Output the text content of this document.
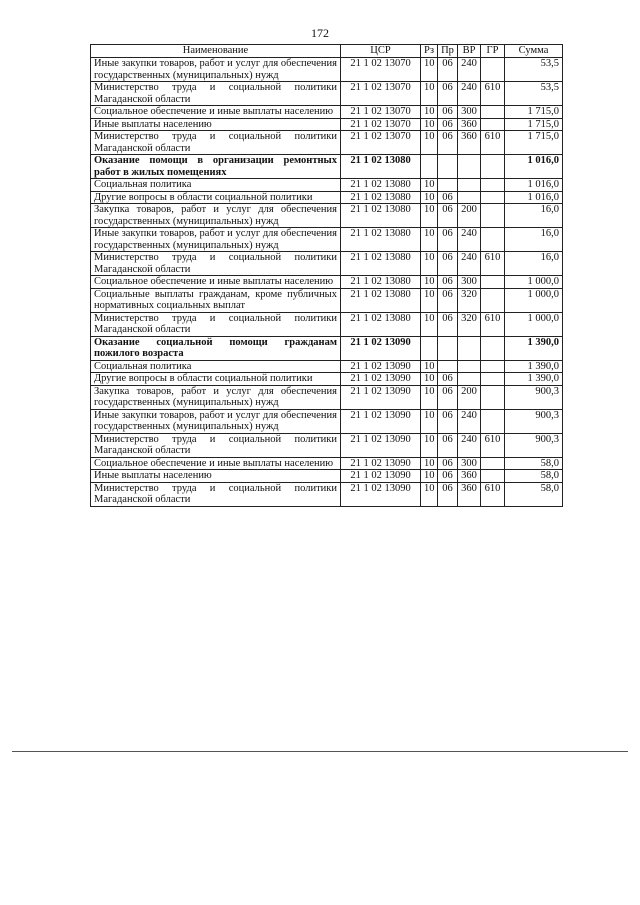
172
Наименование	ЦСР	Рз	Пр	ВР	ГР	Сумма
Иные закупки товаров, работ и услуг для обеспечения государственных (муниципальных) нужд	21 1 02 13070	10	06	240		53,5
Министерство труда и социальной политики Магаданской области	21 1 02 13070	10	06	240	610	53,5
Социальное обеспечение и иные выплаты населению	21 1 02 13070	10	06	300		1 715,0
Иные выплаты населению	21 1 02 13070	10	06	360		1 715,0
Министерство труда и социальной политики Магаданской области	21 1 02 13070	10	06	360	610	1 715,0
Оказание помощи в организации ремонтных работ в жилых помещениях	21 1 02 13080					1 016,0
Социальная политика	21 1 02 13080	10				1 016,0
Другие вопросы в области социальной политики	21 1 02 13080	10	06			1 016,0
Закупка товаров, работ и услуг для обеспечения государственных (муниципальных) нужд	21 1 02 13080	10	06	200		16,0
Иные закупки товаров, работ и услуг для обеспечения государственных (муниципальных) нужд	21 1 02 13080	10	06	240		16,0
Министерство труда и социальной политики Магаданской области	21 1 02 13080	10	06	240	610	16,0
Социальное обеспечение и иные выплаты населению	21 1 02 13080	10	06	300		1 000,0
Социальные выплаты гражданам, кроме публичных нормативных социальных выплат	21 1 02 13080	10	06	320		1 000,0
Министерство труда и социальной политики Магаданской области	21 1 02 13080	10	06	320	610	1 000,0
Оказание социальной помощи гражданам пожилого возраста	21 1 02 13090					1 390,0
Социальная политика	21 1 02 13090	10				1 390,0
Другие вопросы в области социальной политики	21 1 02 13090	10	06			1 390,0
Закупка товаров, работ и услуг для обеспечения государственных (муниципальных) нужд	21 1 02 13090	10	06	200		900,3
Иные закупки товаров, работ и услуг для обеспечения государственных (муниципальных) нужд	21 1 02 13090	10	06	240		900,3
Министерство труда и социальной политики Магаданской области	21 1 02 13090	10	06	240	610	900,3
Социальное обеспечение и иные выплаты населению	21 1 02 13090	10	06	300		58,0
Иные выплаты населению	21 1 02 13090	10	06	360		58,0
Министерство труда и социальной политики Магаданской области	21 1 02 13090	10	06	360	610	58,0
